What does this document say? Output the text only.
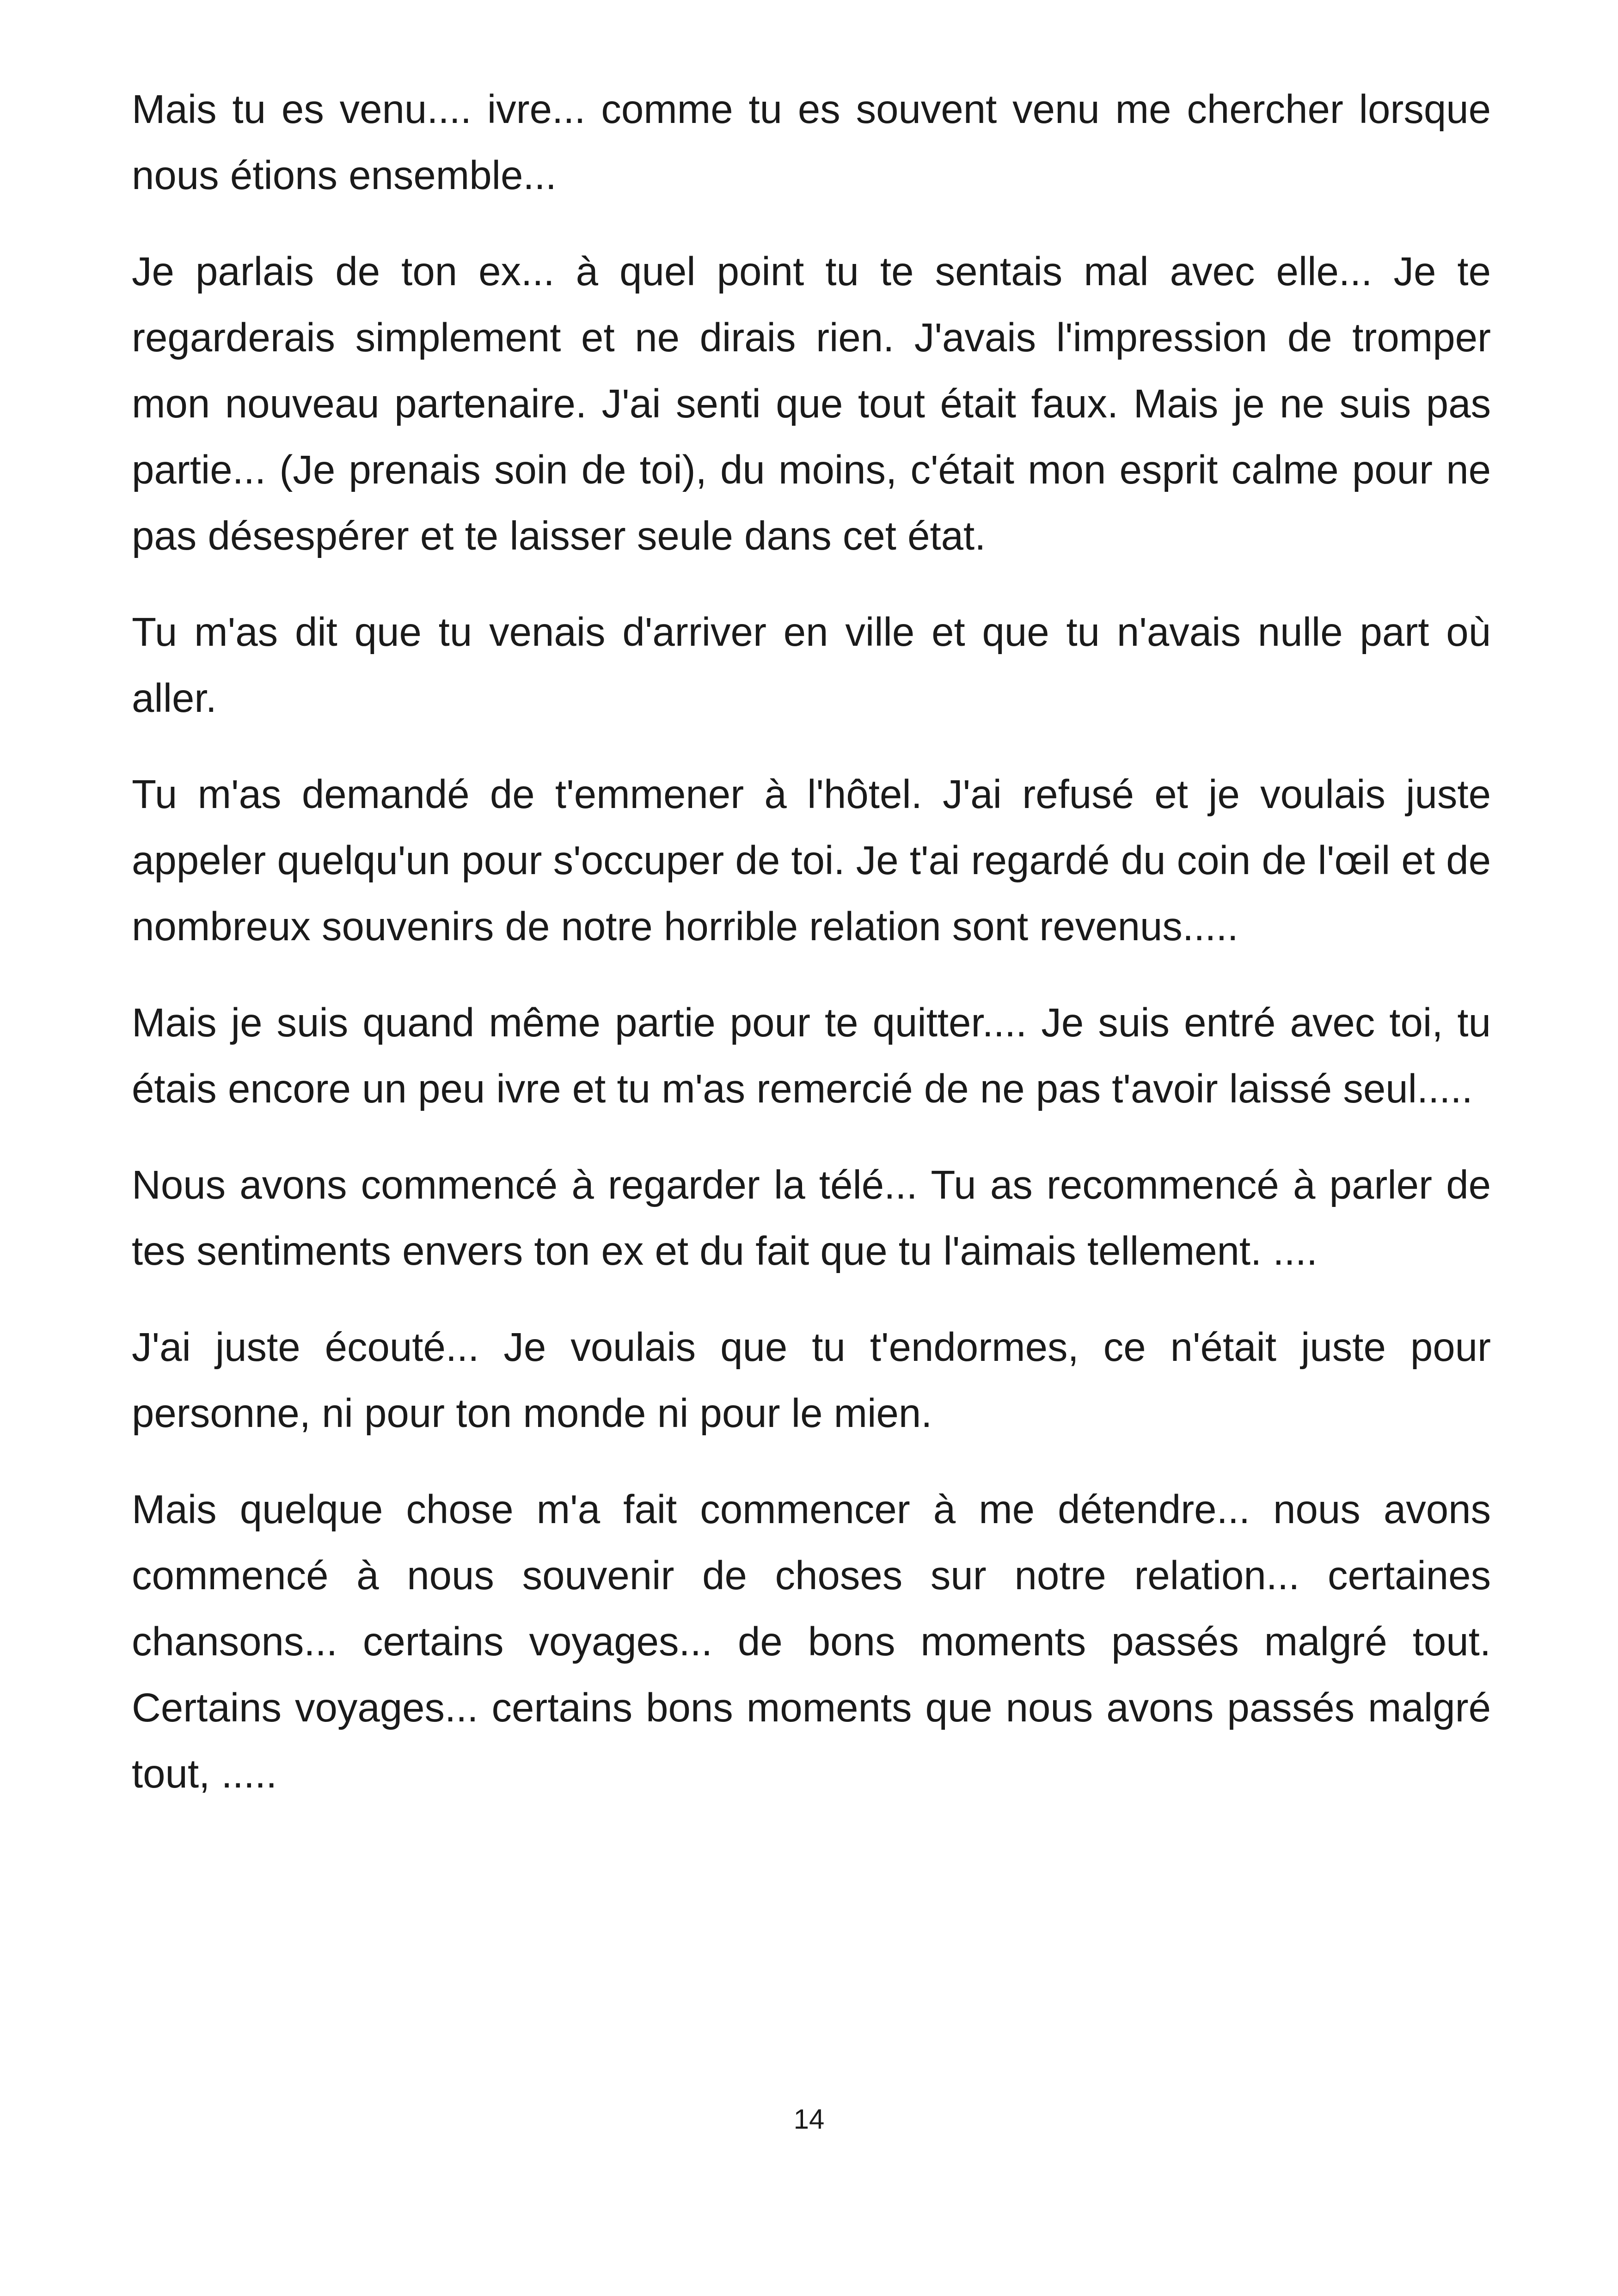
Mais tu es venu.... ivre... comme tu es souvent venu me chercher lorsque nous étions ensemble...

Je parlais de ton ex... à quel point tu te sentais mal avec elle... Je te regarderais simplement et ne dirais rien. J'avais l'impression de tromper mon nouveau partenaire. J'ai senti que tout était faux. Mais je ne suis pas partie... (Je prenais soin de toi), du moins, c'était mon esprit calme pour ne pas désespérer et te laisser seule dans cet état.

Tu m'as dit que tu venais d'arriver en ville et que tu n'avais nulle part où aller.

Tu m'as demandé de t'emmener à l'hôtel. J'ai refusé et je voulais juste appeler quelqu'un pour s'occuper de toi. Je t'ai regardé du coin de l'œil et de nombreux souvenirs de notre horrible relation sont revenus.....

Mais je suis quand même partie pour te quitter.... Je suis entré avec toi, tu étais encore un peu ivre et tu m'as remercié de ne pas t'avoir laissé seul.....

Nous avons commencé à regarder la télé... Tu as recommencé à parler de tes sentiments envers ton ex et du fait que tu l'aimais tellement. ....

J'ai juste écouté... Je voulais que tu t'endormes, ce n'était juste pour personne, ni pour ton monde ni pour le mien.

Mais quelque chose m'a fait commencer à me détendre... nous avons commencé à nous souvenir de choses sur notre relation... certaines chansons... certains voyages... de bons moments passés malgré tout. Certains voyages... certains bons moments que nous avons passés malgré tout, .....

14
